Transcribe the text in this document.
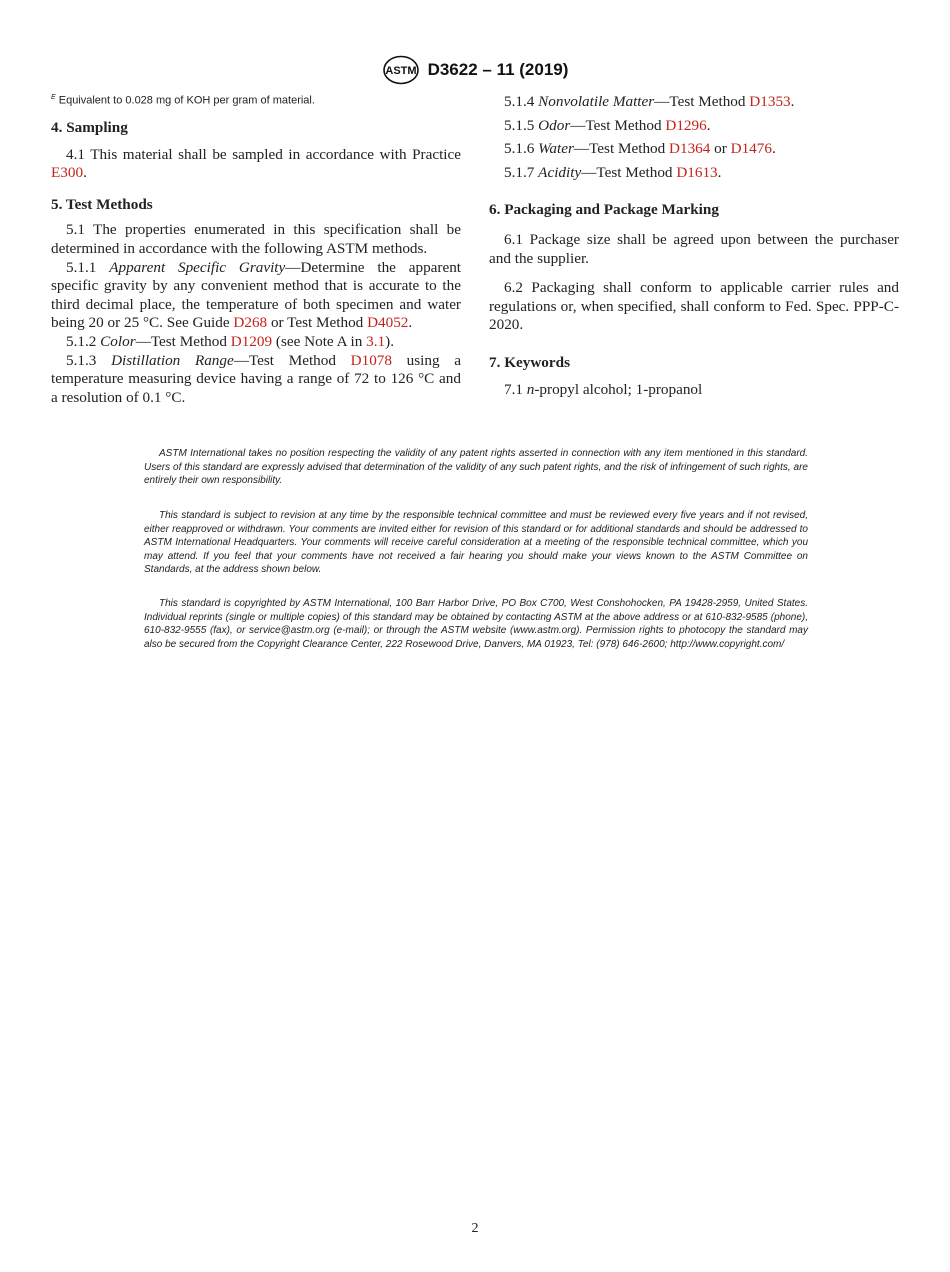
ASTM D3622 – 11 (2019)
$^E$ Equivalent to 0.028 mg of KOH per gram of material.

4. Sampling

4.1 This material shall be sampled in accordance with Practice E300.

5. Test Methods

5.1 The properties enumerated in this specification shall be determined in accordance with the following ASTM methods.

5.1.1 Apparent Specific Gravity—Determine the apparent specific gravity by any convenient method that is accurate to the third decimal place, the temperature of both specimen and water being 20 or 25 °C. See Guide D268 or Test Method D4052.

5.1.2 Color—Test Method D1209 (see Note A in 3.1).

5.1.3 Distillation Range—Test Method D1078 using a temperature measuring device having a range of 72 to 126 °C and a resolution of 0.1 °C.

5.1.4 Nonvolatile Matter—Test Method D1353.

5.1.5 Odor—Test Method D1296.

5.1.6 Water—Test Method D1364 or D1476.

5.1.7 Acidity—Test Method D1613.

6. Packaging and Package Marking

6.1 Package size shall be agreed upon between the purchaser and the supplier.

6.2 Packaging shall conform to applicable carrier rules and regulations or, when specified, shall conform to Fed. Spec. PPP-C-2020.

7. Keywords

7.1 n-propyl alcohol; 1-propanol

ASTM International takes no position respecting the validity of any patent rights asserted in connection with any item mentioned in this standard. Users of this standard are expressly advised that determination of the validity of any such patent rights, and the risk of infringement of such rights, are entirely their own responsibility.

This standard is subject to revision at any time by the responsible technical committee and must be reviewed every five years and if not revised, either reapproved or withdrawn. Your comments are invited either for revision of this standard or for additional standards and should be addressed to ASTM International Headquarters. Your comments will receive careful consideration at a meeting of the responsible technical committee, which you may attend. If you feel that your comments have not received a fair hearing you should make your views known to the ASTM Committee on Standards, at the address shown below.

This standard is copyrighted by ASTM International, 100 Barr Harbor Drive, PO Box C700, West Conshohocken, PA 19428-2959, United States. Individual reprints (single or multiple copies) of this standard may be obtained by contacting ASTM at the above address or at 610-832-9585 (phone), 610-832-9555 (fax), or service@astm.org (e-mail); or through the ASTM website (www.astm.org). Permission rights to photocopy the standard may also be secured from the Copyright Clearance Center, 222 Rosewood Drive, Danvers, MA 01923, Tel: (978) 646-2600; http://www.copyright.com/

2
